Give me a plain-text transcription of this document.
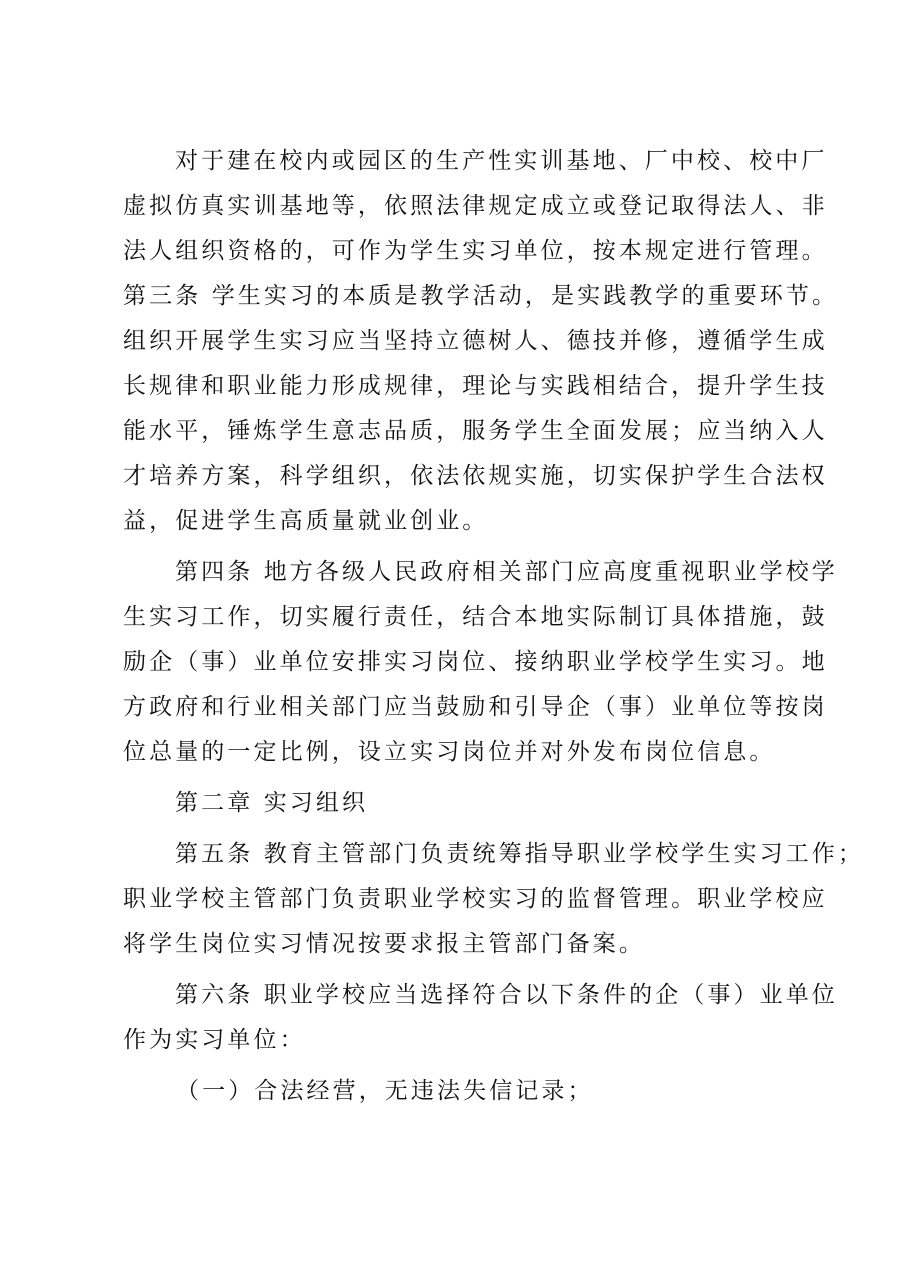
对于建在校内或园区的生产性实训基地、厂中校、校中厂
虚拟仿真实训基地等，依照法律规定成立或登记取得法人、非
法人组织资格的，可作为学生实习单位，按本规定进行管理。
第三条 学生实习的本质是教学活动，是实践教学的重要环节。
组织开展学生实习应当坚持立德树人、德技并修，遵循学生成
长规律和职业能力形成规律，理论与实践相结合，提升学生技
能水平，锤炼学生意志品质，服务学生全面发展；应当纳入人
才培养方案，科学组织，依法依规实施，切实保护学生合法权
益，促进学生高质量就业创业。
第四条 地方各级人民政府相关部门应高度重视职业学校学
生实习工作，切实履行责任，结合本地实际制订具体措施，鼓
励企（事）业单位安排实习岗位、接纳职业学校学生实习。地
方政府和行业相关部门应当鼓励和引导企（事）业单位等按岗
位总量的一定比例，设立实习岗位并对外发布岗位信息。
第二章 实习组织
第五条 教育主管部门负责统筹指导职业学校学生实习工作；
职业学校主管部门负责职业学校实习的监督管理。职业学校应
将学生岗位实习情况按要求报主管部门备案。
第六条 职业学校应当选择符合以下条件的企（事）业单位
作为实习单位：
（一）合法经营，无违法失信记录；
